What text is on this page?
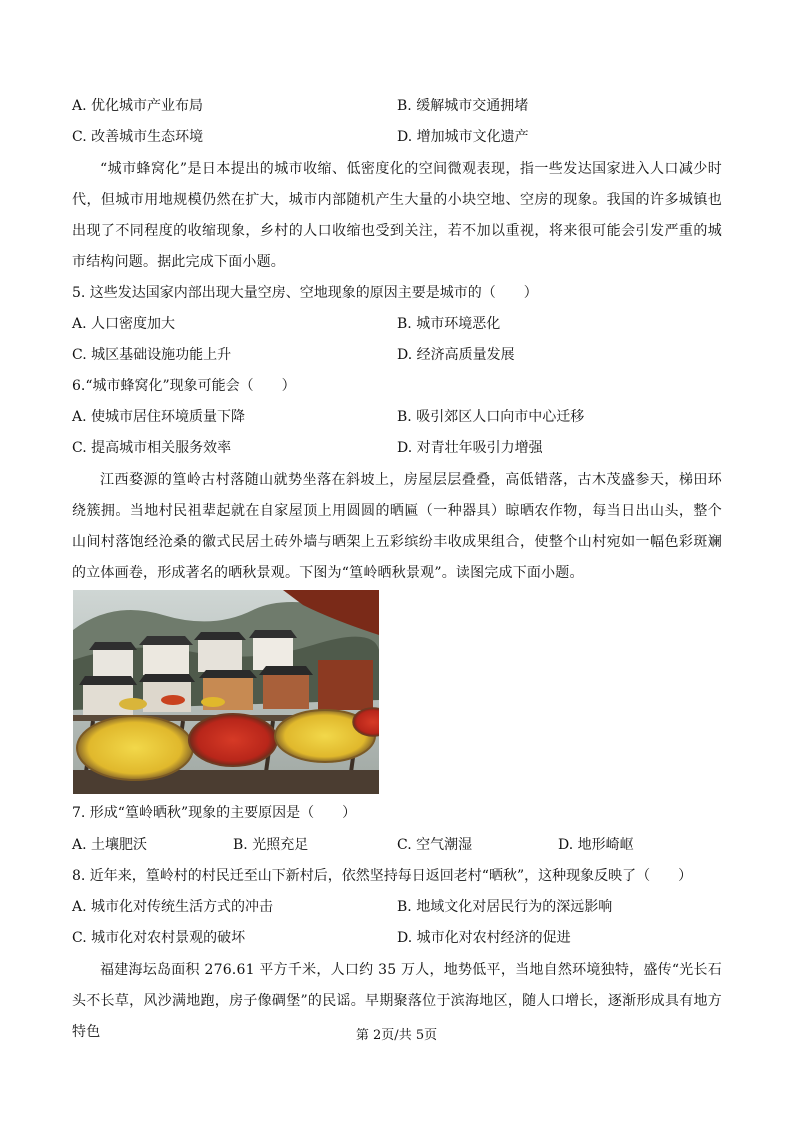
A. 优化城市产业布局	B. 缓解城市交通拥堵
C. 改善城市生态环境	D. 增加城市文化遗产
“城市蜂窝化”是日本提出的城市收缩、低密度化的空间微观表现，指一些发达国家进入人口减少时代，但城市用地规模仍然在扩大，城市内部随机产生大量的小块空地、空房的现象。我国的许多城镇也出现了不同程度的收缩现象，乡村的人口收缩也受到关注，若不加以重视，将来很可能会引发严重的城市结构问题。据此完成下面小题。
5. 这些发达国家内部出现大量空房、空地现象的原因主要是城市的（　　）
A. 人口密度加大	B. 城市环境恶化
C. 城区基础设施功能上升	D. 经济高质量发展
6.“城市蜂窝化”现象可能会（　　）
A. 使城市居住环境质量下降	B. 吸引郊区人口向市中心迁移
C. 提高城市相关服务效率	D. 对青壮年吸引力增强
江西婺源的篁岭古村落随山就势坐落在斜坡上，房屋层层叠叠，高低错落，古木茂盛参天，梯田环绕簇拥。当地村民祖辈起就在自家屋顶上用圆圆的晒匾（一种器具）晾晒农作物，每当日出山头，整个山间村落饱经沧桑的徽式民居土砖外墙与晒架上五彩缤纷丰收成果组合，使整个山村宛如一幅色彩斑斓的立体画卷，形成著名的晒秋景观。下图为“篁岭晒秋景观”。读图完成下面小题。
7. 形成“篁岭晒秋”现象的主要原因是（　　）
A. 土壤肥沃	B. 光照充足	C. 空气潮湿	D. 地形崎岖
8. 近年来，篁岭村的村民迁至山下新村后，依然坚持每日返回老村“晒秋”，这种现象反映了（　　）
A. 城市化对传统生活方式的冲击	B. 地域文化对居民行为的深远影响
C. 城市化对农村景观的破坏	D. 城市化对农村经济的促进
福建海坛岛面积 276.61 平方千米，人口约 35 万人，地势低平，当地自然环境独特，盛传“光长石头不长草，风沙满地跑，房子像碉堡”的民谣。早期聚落位于滨海地区，随人口增长，逐渐形成具有地方特色	第 2页/共 5页
